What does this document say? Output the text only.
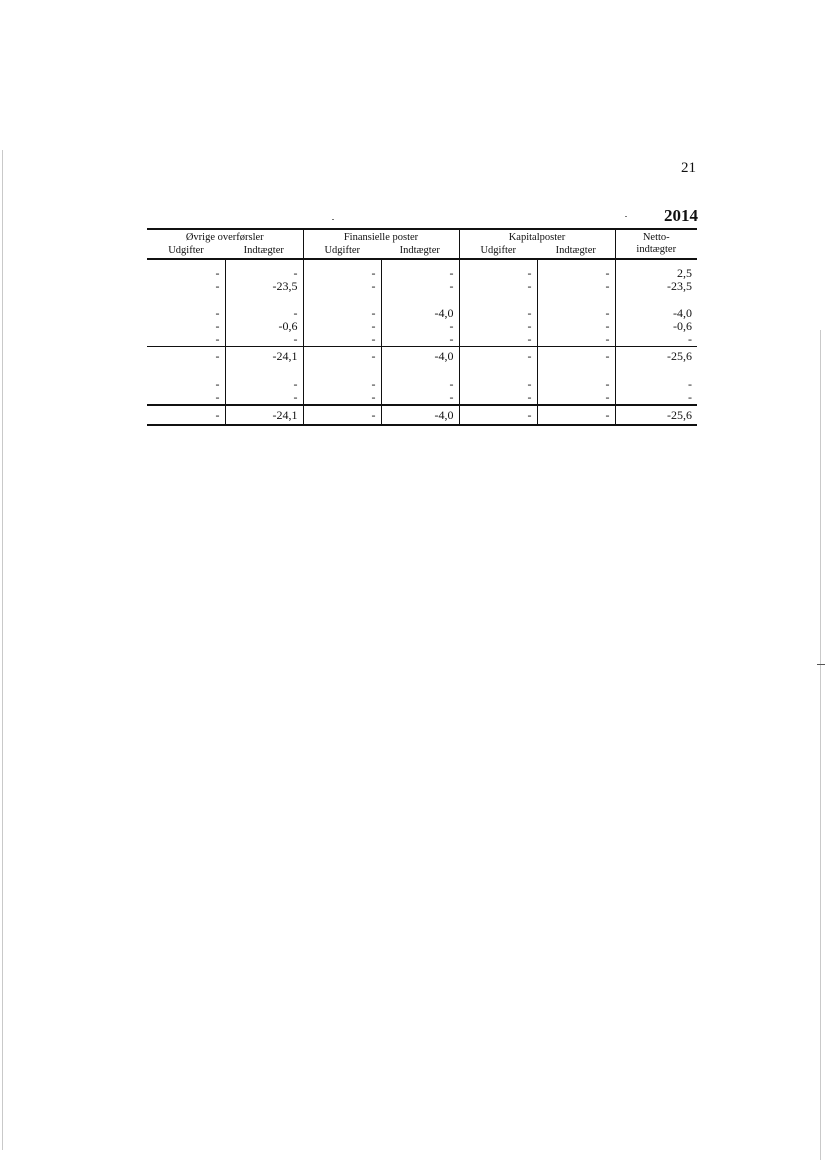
21
2014

Øvrige overførsler		Finansielle poster		Kapitalposter		Netto-
indtægter
Udgifter	Indtægter	Udgifter	Indtægter	Udgifter	Indtægter	
-	-	-	-	-	-	2,5
-	-23,5	-	-	-	-	-23,5

-	-	-	-4,0	-	-	-4,0
-	-0,6	-	-	-	-	-0,6
-	-	-	-	-	-	-
-	-24,1	-	-4,0	-	-	-25,6
-	-	-	-	-	-	-
-	-	-	-	-	-	-
-	-24,1	-	-4,0	-	-	-25,6
